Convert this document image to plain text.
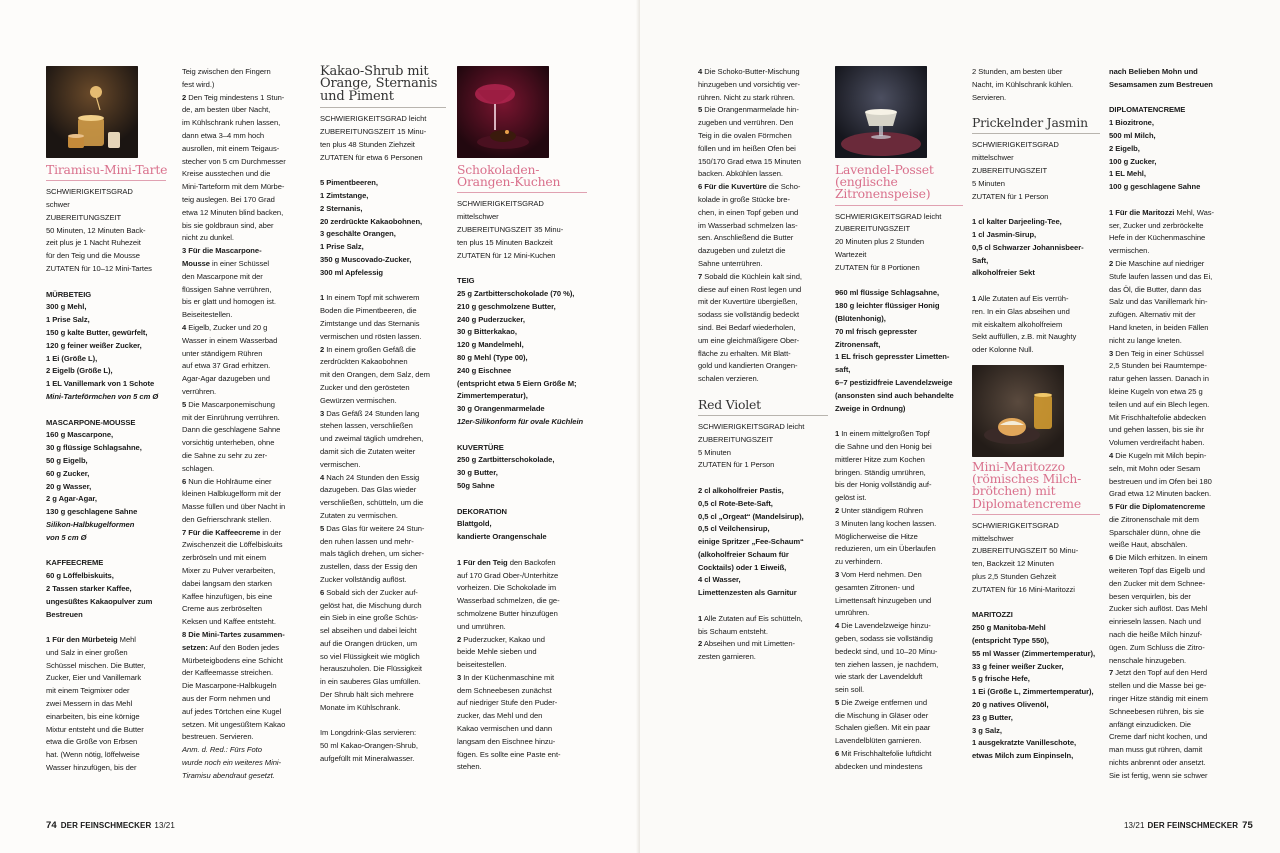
Tiramisu-Mini-Tarte

SCHWIERIGKEITSGRAD

schwer

ZUBEREITUNGSZEIT

50 Minuten, 12 Minuten Back-

zeit plus je 1 Nacht Ruhezeit

für den Teig und die Mousse

ZUTATEN für 10–12 Mini-Tartes

MÜRBETEIG

300 g Mehl,

1 Prise Salz,

150 g kalte Butter, gewürfelt,

120 g feiner weißer Zucker,

1 Ei (Größe L),

2 Eigelb (Größe L),

1 EL Vanillemark von 1 Schote

Mini-Tarteförmchen von 5 cm Ø

MASCARPONE-MOUSSE

160 g Mascarpone,

30 g flüssige Schlagsahne,

50 g Eigelb,

60 g Zucker,

20 g Wasser,

2 g Agar-Agar,

130 g geschlagene Sahne

Silikon-Halbkugelformen

von 5 cm Ø

KAFFEECREME

60 g Löffelbiskuits,

2 Tassen starker Kaffee,

ungesüßtes Kakaopulver zum

Bestreuen

1 Für den Mürbeteig Mehl

und Salz in einer großen

Schüssel mischen. Die Butter,

Zucker, Eier und Vanillemark

mit einem Teigmixer oder

zwei Messern in das Mehl

einarbeiten, bis eine körnige

Mixtur entsteht und die Butter

etwa die Größe von Erbsen

hat. (Wenn nötig, löffelweise

Wasser hinzufügen, bis der

Teig zwischen den Fingern

fest wird.)

2 Den Teig mindestens 1 Stun-

de, am besten über Nacht,

im Kühlschrank ruhen lassen,

dann etwa 3–4 mm hoch

ausrollen, mit einem Teigaus-

stecher von 5 cm Durchmesser

Kreise ausstechen und die

Mini-Tarteform mit dem Mürbe-

teig auslegen. Bei 170 Grad

etwa 12 Minuten blind backen,

bis sie goldbraun sind, aber

nicht zu dunkel.

3 Für die Mascarpone-

Mousse in einer Schüssel

den Mascarpone mit der

flüssigen Sahne verrühren,

bis er glatt und homogen ist.

Beiseitestellen.

4 Eigelb, Zucker und 20 g

Wasser in einem Wasserbad

unter ständigem Rühren

auf etwa 37 Grad erhitzen.

Agar-Agar dazugeben und

verrühren.

5 Die Mascarponemischung

mit der Einrührung verrühren.

Dann die geschlagene Sahne

vorsichtig unterheben, ohne

die Sahne zu sehr zu zer-

schlagen.

6 Nun die Hohlräume einer

kleinen Halbkugelform mit der

Masse füllen und über Nacht in

den Gefrierschrank stellen.

7 Für die Kaffeecreme in der

Zwischenzeit die Löffelbiskuits

zerbröseln und mit einem

Mixer zu Pulver verarbeiten,

dabei langsam den starken

Kaffee hinzufügen, bis eine

Creme aus zerbröselten

Keksen und Kaffee entsteht.

8 Die Mini-Tartes zusammen-

setzen: Auf den Boden jedes

Mürbeteigbodens eine Schicht

der Kaffeemasse streichen.

Die Mascarpone-Halbkugeln

aus der Form nehmen und

auf jedes Törtchen eine Kugel

setzen. Mit ungesüßtem Kakao

bestreuen. Servieren.

Anm. d. Red.: Fürs Foto

wurde noch ein weiteres Mini-

Tiramisu abendraut gesetzt.

Kakao-Shrub mit

Orange, Sternanis

und Piment

SCHWIERIGKEITSGRAD leicht

ZUBEREITUNGSZEIT 15 Minu-

ten plus 48 Stunden Ziehzeit

ZUTATEN für etwa 6 Personen

5 Pimentbeeren,

1 Zimtstange,

2 Sternanis,

20 zerdrückte Kakaobohnen,

3 geschälte Orangen,

1 Prise Salz,

350 g Muscovado-Zucker,

300 ml Apfelessig

1 In einem Topf mit schwerem

Boden die Pimentbeeren, die

Zimtstange und das Sternanis

vermischen und rösten lassen.

2 In einem großen Gefäß die

zerdrückten Kakaobohnen

mit den Orangen, dem Salz, dem

Zucker und den gerösteten

Gewürzen vermischen.

3 Das Gefäß 24 Stunden lang

stehen lassen, verschließen

und zweimal täglich umdrehen,

damit sich die Zutaten weiter

vermischen.

4 Nach 24 Stunden den Essig

dazugeben. Das Glas wieder

verschließen, schütteln, um die

Zutaten zu vermischen.

5 Das Glas für weitere 24 Stun-

den ruhen lassen und mehr-

mals täglich drehen, um sicher-

zustellen, dass der Essig den

Zucker vollständig auflöst.

6 Sobald sich der Zucker auf-

gelöst hat, die Mischung durch

ein Sieb in eine große Schüs-

sel abseihen und dabei leicht

auf die Orangen drücken, um

so viel Flüssigkeit wie möglich

herauszuholen. Die Flüssigkeit

in ein sauberes Glas umfüllen.

Der Shrub hält sich mehrere

Monate im Kühlschrank.

Im Longdrink-Glas servieren:

50 ml Kakao-Orangen-Shrub,

aufgefüllt mit Mineralwasser.

Schokoladen-

Orangen-Kuchen

SCHWIERIGKEITSGRAD

mittelschwer

ZUBEREITUNGSZEIT 35 Minu-

ten plus 15 Minuten Backzeit

ZUTATEN für 12 Mini-Kuchen

TEIG

25 g Zartbitterschokolade (70 %),

210 g geschmolzene Butter,

240 g Puderzucker,

30 g Bitterkakao,

120 g Mandelmehl,

80 g Mehl (Type 00),

240 g Eischnee

(entspricht etwa 5 Eiern Größe M;

Zimmertemperatur),

30 g Orangenmarmelade

12er-Silikonform für ovale Küchlein

KUVERTÜRE

250 g Zartbitterschokolade,

30 g Butter,

50g Sahne

DEKORATION

Blattgold,

kandierte Orangenschale

1 Für den Teig den Backofen

auf 170 Grad Ober-/Unterhitze

vorheizen. Die Schokolade im

Wasserbad schmelzen, die ge-

schmolzene Butter hinzufügen

und umrühren.

2 Puderzucker, Kakao und

beide Mehle sieben und

beiseitestellen.

3 In der Küchenmaschine mit

dem Schneebesen zunächst

auf niedriger Stufe den Puder-

zucker, das Mehl und den

Kakao vermischen und dann

langsam den Eischnee hinzu-

fügen. Es sollte eine Paste ent-

stehen.

74 DER FEINSCHMECKER 13/21

4 Die Schoko-Butter-Mischung

hinzugeben und vorsichtig ver-

rühren. Nicht zu stark rühren.

5 Die Orangenmarmelade hin-

zugeben und verrühren. Den

Teig in die ovalen Förmchen

füllen und im heißen Ofen bei

150/170 Grad etwa 15 Minuten

backen. Abkühlen lassen.

6 Für die Kuvertüre die Scho-

kolade in große Stücke bre-

chen, in einen Topf geben und

im Wasserbad schmelzen las-

sen. Anschließend die Butter

dazugeben und zuletzt die

Sahne unterrühren.

7 Sobald die Küchlein kalt sind,

diese auf einen Rost legen und

mit der Kuvertüre übergießen,

sodass sie vollständig bedeckt

sind. Bei Bedarf wiederholen,

um eine gleichmäßigere Ober-

fläche zu erhalten. Mit Blatt-

gold und kandierten Orangen-

schalen verzieren.

Red Violet

SCHWIERIGKEITSGRAD leicht

ZUBEREITUNGSZEIT

5 Minuten

ZUTATEN für 1 Person

2 cl alkoholfreier Pastis,

0,5 cl Rote-Bete-Saft,

0,5 cl „Orgeat“ (Mandelsirup),

0,5 cl Veilchensirup,

einige Spritzer „Fee-Schaum“

(alkoholfreier Schaum für

Cocktails) oder 1 Eiweiß,

4 cl Wasser,

Limettenzesten als Garnitur

1 Alle Zutaten auf Eis schütteln,

bis Schaum entsteht.

2 Abseihen und mit Limetten-

zesten garnieren.

Lavendel-Posset

(englische

Zitronenspeise)

SCHWIERIGKEITSGRAD leicht

ZUBEREITUNGSZEIT

20 Minuten plus 2 Stunden

Wartezeit

ZUTATEN für 8 Portionen

960 ml flüssige Schlagsahne,

180 g leichter flüssiger Honig

(Blütenhonig),

70 ml frisch gepresster

Zitronensaft,

1 EL frisch gepresster Limetten-

saft,

6–7 pestizidfreie Lavendelzweige

(ansonsten sind auch behandelte

Zweige in Ordnung)

1 In einem mittelgroßen Topf

die Sahne und den Honig bei

mittlerer Hitze zum Kochen

bringen. Ständig umrühren,

bis der Honig vollständig auf-

gelöst ist.

2 Unter ständigem Rühren

3 Minuten lang kochen lassen.

Möglicherweise die Hitze

reduzieren, um ein Überlaufen

zu verhindern.

3 Vom Herd nehmen. Den

gesamten Zitronen- und

Limettensaft hinzugeben und

umrühren.

4 Die Lavendelzweige hinzu-

geben, sodass sie vollständig

bedeckt sind, und 10–20 Minu-

ten ziehen lassen, je nachdem,

wie stark der Lavendelduft

sein soll.

5 Die Zweige entfernen und

die Mischung in Gläser oder

Schalen gießen. Mit ein paar

Lavendelblüten garnieren.

6 Mit Frischhaltefolie luftdicht

abdecken und mindestens

2 Stunden, am besten über

Nacht, im Kühlschrank kühlen.

Servieren.

Prickelnder Jasmin

SCHWIERIGKEITSGRAD

mittelschwer

ZUBEREITUNGSZEIT

5 Minuten

ZUTATEN für 1 Person

1 cl kalter Darjeeling-Tee,

1 cl Jasmin-Sirup,

0,5 cl Schwarzer Johannisbeer-

Saft,

alkoholfreier Sekt

1 Alle Zutaten auf Eis verrüh-

ren. In ein Glas abseihen und

mit eiskaltem alkoholfreiem

Sekt auffüllen, z.B. mit Naughty

oder Kolonne Null.

Mini-Maritozzo

(römisches Milch-

brötchen) mit

Diplomatencreme

SCHWIERIGKEITSGRAD

mittelschwer

ZUBEREITUNGSZEIT 50 Minu-

ten, Backzeit 12 Minuten

plus 2,5 Stunden Gehzeit

ZUTATEN für 16 Mini-Maritozzi

MARITOZZI

250 g Manitoba-Mehl

(entspricht Type 550),

55 ml Wasser (Zimmertemperatur),

33 g feiner weißer Zucker,

5 g frische Hefe,

1 Ei (Größe L, Zimmertemperatur),

20 g natives Olivenöl,

23 g Butter,

3 g Salz,

1 ausgekratzte Vanilleschote,

etwas Milch zum Einpinseln,

nach Belieben Mohn und

Sesamsamen zum Bestreuen

DIPLOMATENCREME

1 Biozitrone,

500 ml Milch,

2 Eigelb,

100 g Zucker,

1 EL Mehl,

100 g geschlagene Sahne

1 Für die Maritozzi Mehl, Was-

ser, Zucker und zerbröckelte

Hefe in der Küchenmaschine

vermischen.

2 Die Maschine auf niedriger

Stufe laufen lassen und das Ei,

das Öl, die Butter, dann das

Salz und das Vanillemark hin-

zufügen. Alternativ mit der

Hand kneten, in beiden Fällen

nicht zu lange kneten.

3 Den Teig in einer Schüssel

2,5 Stunden bei Raumtempe-

ratur gehen lassen. Danach in

kleine Kugeln von etwa 25 g

teilen und auf ein Blech legen.

Mit Frischhaltefolie abdecken

und gehen lassen, bis sie ihr

Volumen verdreifacht haben.

4 Die Kugeln mit Milch bepin-

seln, mit Mohn oder Sesam

bestreuen und im Ofen bei 180

Grad etwa 12 Minuten backen.

5 Für die Diplomatencreme

die Zitronenschale mit dem

Sparschäler dünn, ohne die

weiße Haut, abschälen.

6 Die Milch erhitzen. In einem

weiteren Topf das Eigelb und

den Zucker mit dem Schnee-

besen verquirlen, bis der

Zucker sich auflöst. Das Mehl

einrieseln lassen. Nach und

nach die heiße Milch hinzuf-

ügen. Zum Schluss die Zitro-

nenschale hinzugeben.

7 Jetzt den Topf auf den Herd

stellen und die Masse bei ge-

ringer Hitze ständig mit einem

Schneebesen rühren, bis sie

anfängt einzudicken. Die

Creme darf nicht kochen, und

man muss gut rühren, damit

nichts anbrennt oder ansetzt.

Sie ist fertig, wenn sie schwer

13/21 DER FEINSCHMECKER 75
